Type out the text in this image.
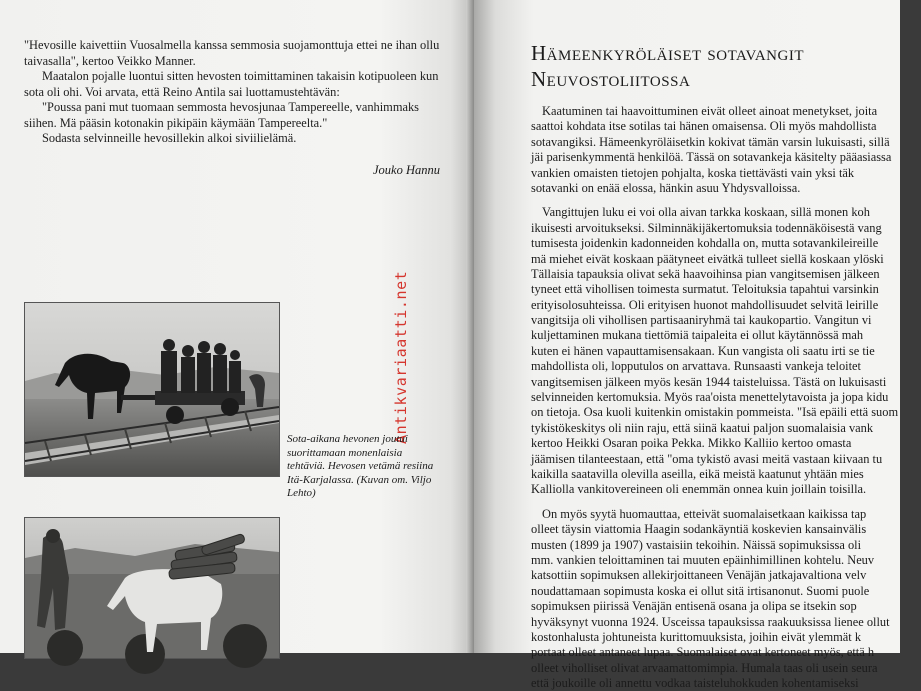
"Hevosille kaivettiin Vuosalmella kanssa semmosia suojamonttuja ettei ne ihan ollu taivasalla", kertoo Veikko Manner.

Maatalon pojalle luontui sitten hevosten toimittaminen takaisin kotipuoleen kun sota oli ohi. Voi arvata, että Reino Antila sai luottamustehtävän:

"Poussa pani mut tuomaan semmosta hevosjunaa Tampereelle, vanhimmaks siihen. Mä pääsin kotonakin pikipäin käymään Tampereelta."

Sodasta selvinneille hevosillekin alkoi siviilielämä.

Jouko Hannu
Antikvariaatti.net
Sota-aikana hevonen joutui suorittamaan monenlaisia tehtäviä. Hevosen vetämä resiina Itä-Karjalassa. (Kuvan om. Viljo Lehto)
Hämeenkyröläiset sotavangit
Neuvostoliitossa
Kaatuminen tai haavoittuminen eivät olleet ainoat menetykset, joita
saattoi kohdata itse sotilas tai hänen omaisensa. Oli myös mahdollista
sotavangiksi. Hämeenkyröläisetkin kokivat tämän varsin lukuisasti, sillä
jäi parisenkymmentä henkilöä. Tässä on sotavankeja käsitelty pääasiassa
vankien omaisten tietojen pohjalta, koska tiettävästi vain yksi täk
sotavanki on enää elossa, hänkin asuu Yhdysvalloissa.
Vangittujen luku ei voi olla aivan tarkka koskaan, sillä monen koh
ikuisesti arvoitukseksi. Silminnäkijäkertomuksia todennäköisestä vang
tumisesta joidenkin kadonneiden kohdalla on, mutta sotavankileireille
mä miehet eivät koskaan päätyneet eivätkä tulleet siellä koskaan ylöski
Tällaisia tapauksia olivat sekä haavoihinsa pian vangitsemisen jälkeen
tyneet että vihollisen toimesta surmatut. Teloituksia tapahtui varsinkin
erityisolosuhteissa. Oli erityisen huonot mahdollisuudet selvitä leirille
vangitsija oli vihollisen partisaaniryhmä tai kaukopartio. Vangitun vi
kuljettaminen mukana tiettömiä taipaleita ei ollut käytännössä mah
kuten ei hänen vapauttamisensakaan. Kun vangista oli saatu irti se tie
mahdollista oli, lopputulos on arvattava. Runsaasti vankeja teloitet
vangitsemisen jälkeen myös kesän 1944 taisteluissa. Tästä on lukuisasti
selvinneiden kertomuksia. Myös raa'oista menettelytavoista ja jopa kidu
on tietoja. Osa kuoli kuitenkin omistakin pommeista. "Isä epäili että suom
tykistökeskitys oli niin raju, että siinä kaatui paljon suomalaisia vank
kertoo Heikki Osaran poika Pekka. Mikko Kalliio kertoo omasta
jäämisen tilanteestaan, että "oma tykistö avasi meitä vastaan kiivaan tu
kaikilla saatavilla olevilla aseilla, eikä meistä kaatunut yhtään mies
Kalliolla vankitovereineen oli enemmän onnea kuin joillain toisilla.
On myös syytä huomauttaa, etteivät suomalaisetkaan kaikissa tap
olleet täysin viattomia Haagin sodankäyntiä koskevien kansainvälis
musten (1899 ja 1907) vastaisiin tekoihin. Näissä sopimuksissa oli
mm. vankien teloittaminen tai muuten epäinhimillinen kohtelu. Neuv
katsottiin sopimuksen allekirjoittaneen Venäjän jatkajavaltiona velv
noudattamaan sopimusta koska ei ollut sitä irtisanonut. Suomi puole
sopimuksen piirissä Venäjän entisenä osana ja olipa se itsekin sop
hyväksynyt vuonna 1924. Usceissa tapauksissa raakuuksissa lienee ollut
kostonhalusta johtuneista kurittomuuksista, joihin eivät ylemmät k
portaat olleet antaneet lupaa. Suomalaiset ovat kertoneet myös, että h
olleet viholliset olivat arvaamattomimpia. Humala taas oli usein seura
että joukoille oli annettu vodkaa taisteluhokkuden kohentamiseksi
